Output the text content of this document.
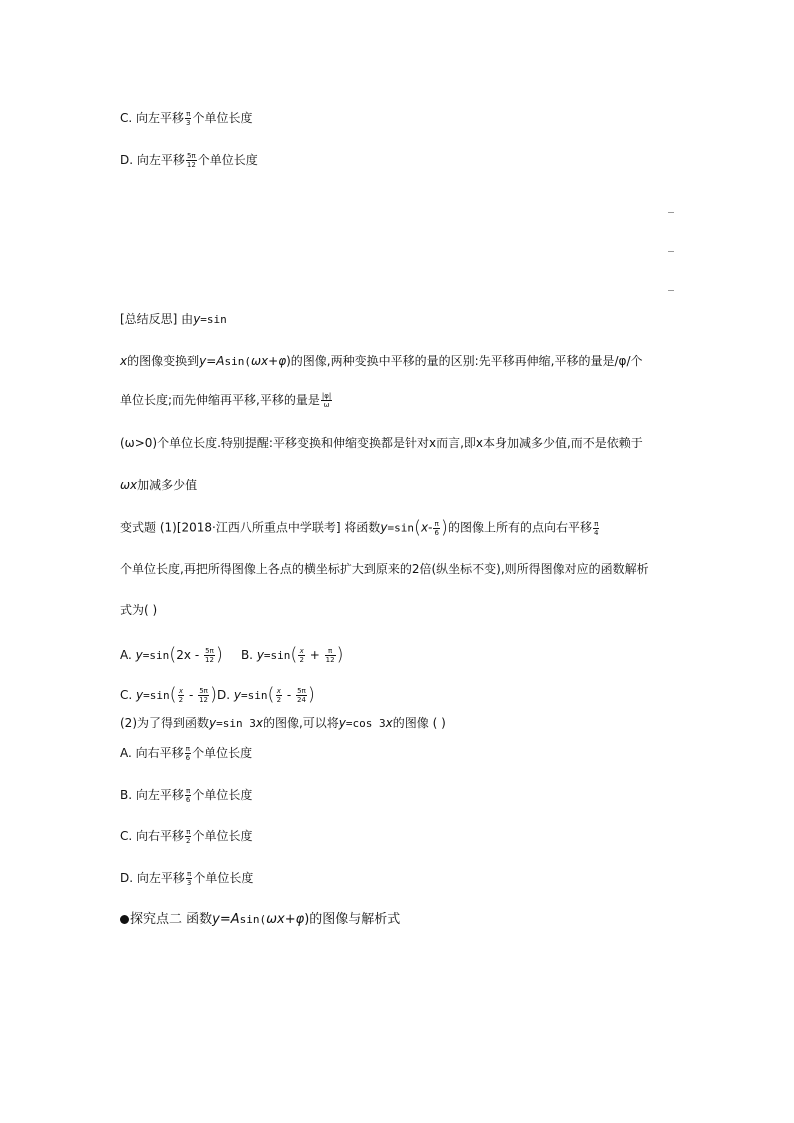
C. 向左平移 $\frac{\pi}{3}$ 个单位长度
D. 向左平移 $\frac{5\pi}{12}$ 个单位长度
[总结反思] 由y=sin
x的图像变换到y=Asin(ωx+φ)的图像,两种变换中平移的量的区别:先平移再伸缩,平移的量是/φ/个
单位长度;而先伸缩再平移,平移的量是 $\frac{|\varphi|}{\omega}$
(ω>0)个单位长度.特别提醒:平移变换和伸缩变换都是针对x而言,即x本身加减多少值,而不是依赖于
ωx加减多少值
变式题 (1)[2018·江西八所重点中学联考] 将函数$y=\sin(x- \frac{\pi}{6}$ )的图像上所有的点向右平移 $\frac{\pi}{4}$
个单位长度,再把所得图像上各点的横坐标扩大到原来的2倍(纵坐标不变),则所得图像对应的函数解析
式为( )
A. $y=\sin(2x - \frac{5\pi}{12}$ ) B. $y=\sin( \frac{x}{2} + \frac{\pi}{12}$ )
C. $y=\sin( \frac{x}{2} - \frac{5\pi}{12} )D$. $y=\sin( \frac{x}{2} - \frac{5\pi}{24}$ )
(2)为了得到函数y=sin 3x的图像,可以将y=cos 3x的图像 ( )
A. 向右平移 $\frac{\pi}{6}$ 个单位长度
B. 向左平移 $\frac{\pi}{6}$ 个单位长度
C. 向右平移 $\frac{\pi}{2}$ 个单位长度
D. 向左平移 $\frac{\pi}{3}$ 个单位长度
探究点二 函数y=Asin(ωx+φ)的图像与解析式
